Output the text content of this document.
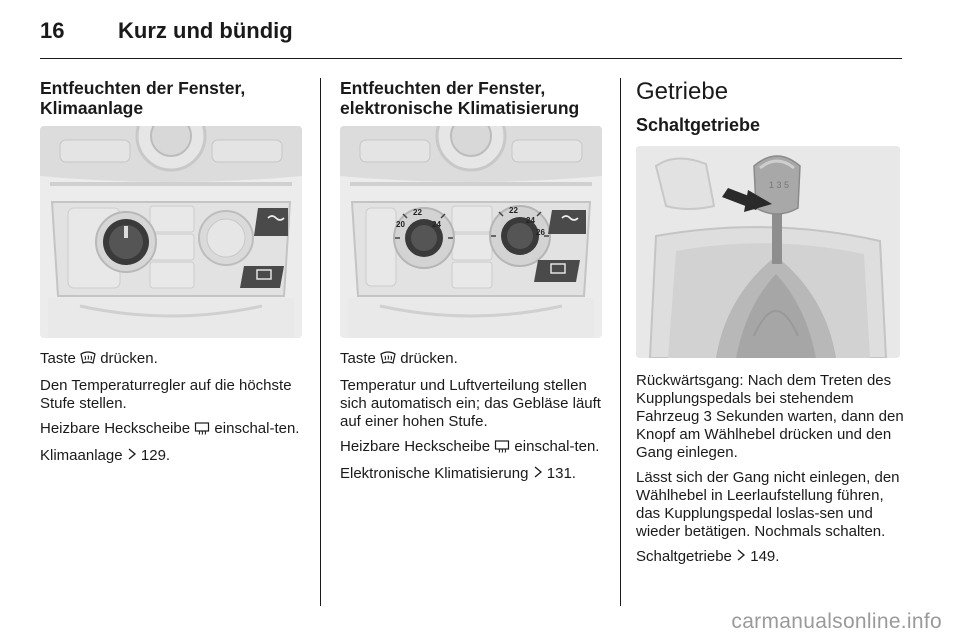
16 Kurz und bündig
Entfeuchten der Fenster,
Klimaanlage

Taste drücken.

Den Temperaturregler auf die höchste Stufe stellen.

Heizbare Heckscheibe einschal-ten.

Klimaanlage 129.

Entfeuchten der Fenster,
elektronische Klimatisierung
22
20	24
22
24
26

Taste drücken.

Temperatur und Luftverteilung stellen sich automatisch ein; das Gebläse läuft auf einer hohen Stufe.

Heizbare Heckscheibe einschal-ten.

Elektronische Klimatisierung 131.

Getriebe
Schaltgetriebe
1 3 5

Rückwärtsgang: Nach dem Treten des Kupplungspedals bei stehendem Fahrzeug 3 Sekunden warten, dann den Knopf am Wählhebel drücken und den Gang einlegen.

Lässt sich der Gang nicht einlegen, den Wählhebel in Leerlaufstellung führen, das Kupplungspedal loslas-sen und wieder betätigen. Nochmals schalten.

Schaltgetriebe 149.

carmanualsonline.info
